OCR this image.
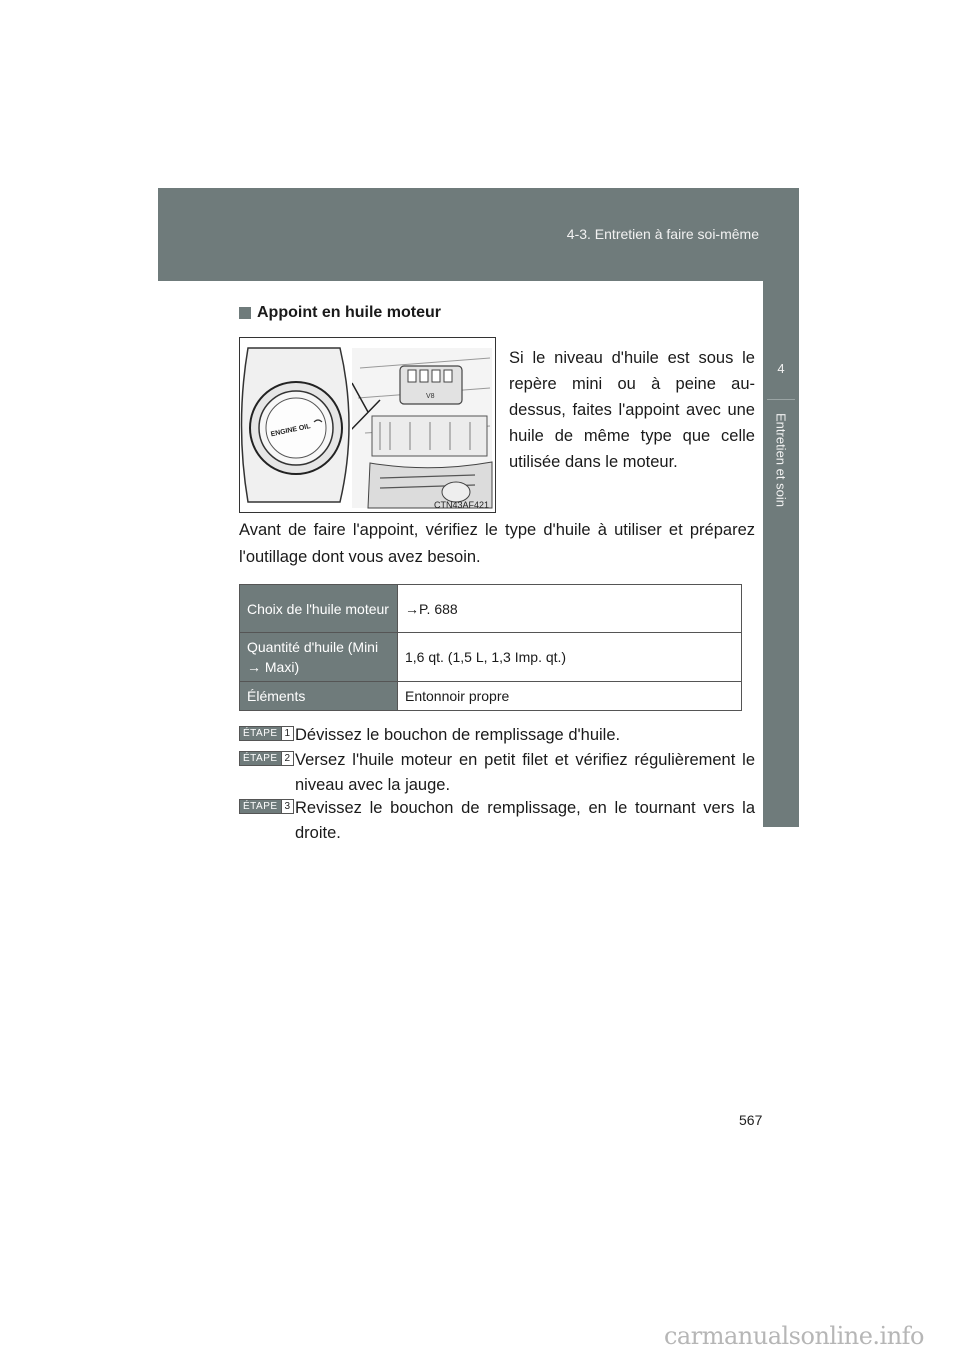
4-3. Entretien à faire soi-même
4
Entretien et soin
Appoint en huile moteur
V8
ENGINE OIL
CTN43AF421
Si le niveau d'huile est sous le repère mini ou à peine au-dessus, faites l'appoint avec une huile de même type que celle utilisée dans le moteur.
Avant de faire l'appoint, vérifiez le type d'huile à utiliser et préparez l'outillage dont vous avez besoin.
Choix de l'huile moteur	→P. 688
Quantité d'huile (Mini → Maxi)	1,6 qt. (1,5 L, 1,3 Imp. qt.)
Éléments	Entonnoir propre
ÉTAPE 1 Dévissez le bouchon de remplissage d'huile.
ÉTAPE 2 Versez l'huile moteur en petit filet et vérifiez régulièrement le niveau avec la jauge.
ÉTAPE 3 Revissez le bouchon de remplissage, en le tournant vers la droite.
567
carmanualsonline.info
